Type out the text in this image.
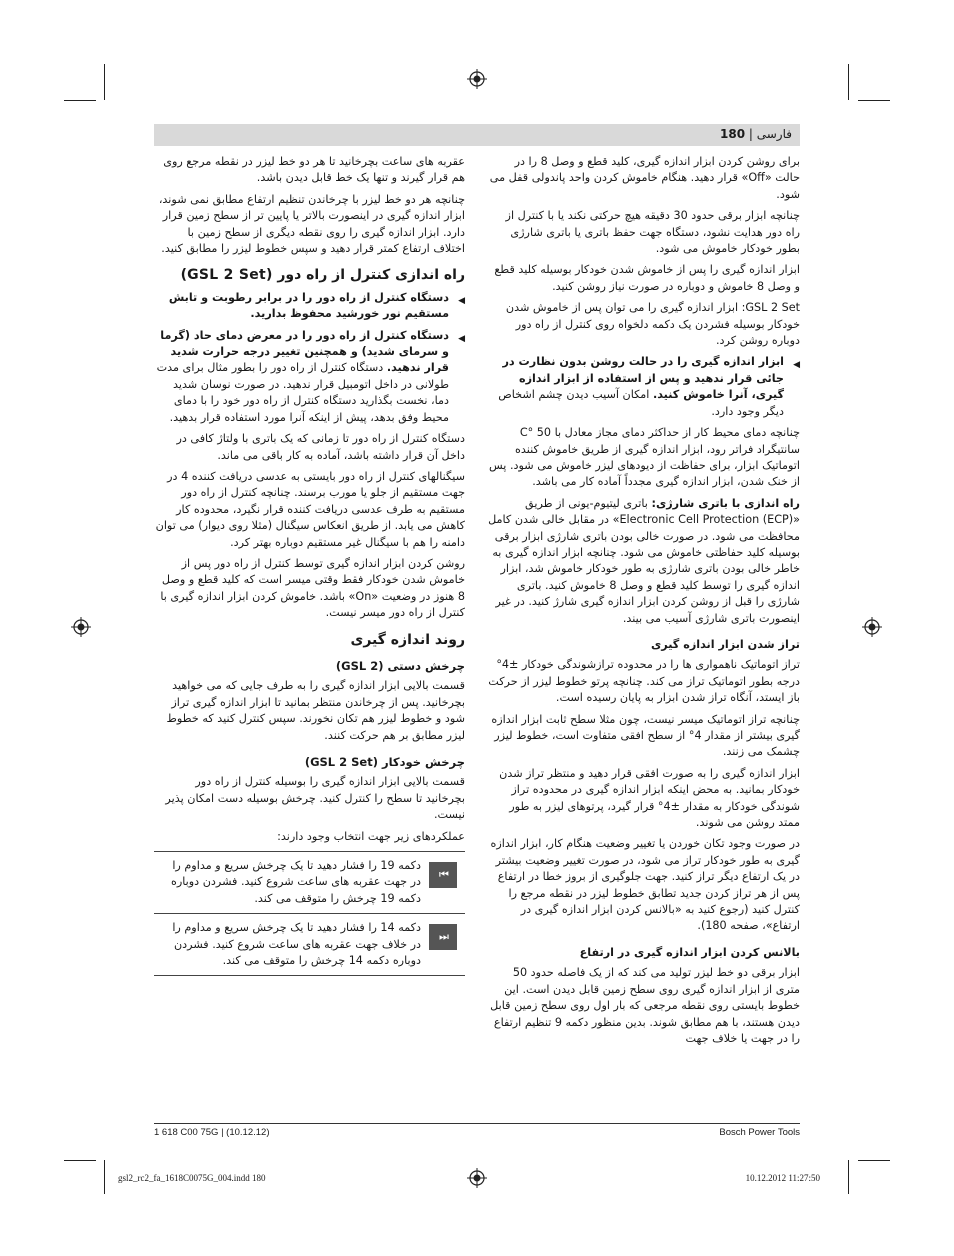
فارسی | 180

برای روشن کردن ابزار اندازه گیری، کلید قطع و وصل 8 را در حالت «Off» قرار دهید. هنگام خاموش کردن واحد پاندولی قفل می شود.

چنانچه ابزار برقی حدود 30 دقیقه هیچ حرکتی نکند یا با کنترل از راه دور هدایت نشود، دستگاه جهت حفظ باتری یا باتری شارژی بطور خودکار خاموش می شود.

ابزار اندازه گیری را پس از خاموش شدن خودکار بوسیله کلید قطع و وصل 8 خاموش و دوباره در صورت نیاز روشن کنید.

GSL 2 Set: ابزار اندازه گیری را می توان پس از خاموش شدن خودکار بوسیله فشردن یک دکمه دلخواه روی کنترل از راه دور دوباره روشن کرد.

◀
ابزار اندازه گیری را در حالت روشن بدون نظارت در جائی قرار ندهید و پس از استفاده از ابزار اندازه گیری، آنرا خاموش کنید. امکان آسیب دیدن چشم اشخاص دیگر وجود دارد.

چنانچه دمای محیط کار از حداکثر دمای مجاز معادل با 50 °C سانتیگراد فراتر رود، ابزار اندازه گیری از طریق خاموش کننده اتوماتیک ابزار، برای حفاظت از دیودهای لیزر خاموش می شود. پس از خنک شدن، ابزار اندازه گیری مجدداً آماده کار می باشد.

راه اندازی با باتری شارژی: باتری لیتیوم-یونی از طریق «Electronic Cell Protection (ECP)» در مقابل خالی شدن کامل محافظت می شود. در صورت خالی بودن باتری شارژی ابزار برقی بوسیله کلید حفاظتی خاموش می شود. چنانچه ابزار اندازه گیری به خاطر خالی بودن باتری شارژی به طور خودکار خاموش شد، ابزار اندازه گیری را توسط کلید قطع و وصل 8 خاموش کنید. باتری شارژی را قبل از روشن کردن ابزار اندازه گیری شارژ کنید. در غیر اینصورت باتری شارژی آسیب می بیند.

تراز شدن ابزار اندازه گیری

تراز اتوماتیک ناهمواری ها را در محدوده ترازشوندگی خودکار ±4° درجه بطور اتوماتیک تراز می کند. چنانچه پرتو خطوط لیزر از حرکت باز ایستد، آنگاه تراز شدن ابزار به پایان رسیده است.

چنانچه تراز اتوماتیک میسر نیست، چون مثلا سطح ثابت ابزار اندازه گیری بیشتر از مقدار 4° از سطح افقی متفاوت است، خطوط لیزر چشمک می زنند.

ابزار اندازه گیری را به صورت افقی قرار دهید و منتظر تراز شدن خودکار بمانید. به محض اینکه ابزار اندازه گیری در محدوده تراز شوندگی خودکار به مقدار ±4° قرار گیرد، پرتوهای لیزر به طور ممتد روشن می شوند.

در صورت وجود تکان خوردن یا تغییر وضعیت هنگام کار، ابزار اندازه گیری به طور خودکار تراز می شود، در صورت تغییر وضعیت بیشتر در یک ارتفاع دیگر تراز کنید. جهت جلوگیری از بروز خطا در ارتفاع پس از هر تراز کردن جدید تطابق خطوط لیزر در نقطه مرجع را کنترل کنید (رجوع کنید به «بالانس کردن ابزار اندازه گیری در ارتفاع»، صفحه 180).

بالانس کردن ابزار اندازه گیری در ارتفاع

ابزار برقی دو خط لیزر تولید می کند که از یک فاصله حدود 50 متری از ابزار اندازه گیری روی سطح زمین قابل دیدن است. این خطوط بایستی روی نقطه مرجعی که بار اول روی سطح زمین قابل دیدن هستند، با هم مطابق شوند. بدین منظور دکمه 9 تنظیم ارتفاع را در جهت یا خلاف جهت

عقربه های ساعت بچرخانید تا هر دو خط لیزر در نقطه مرجع روی هم قرار گیرند و تنها یک خط قابل دیدن باشد.

چنانچه هر دو خط لیزر با چرخاندن تنظیم ارتفاع مطابق نمی شوند، ابزار اندازه گیری در اینصورت بالاتر یا پایین تر از سطح زمین قرار دارد. ابزار اندازه گیری را روی نقطه دیگری از سطح زمین با اختلاف ارتفاع کمتر قرار دهید و سپس خطوط لیزر را مطابق کنید.

راه اندازی کنترل از راه دور (GSL 2 Set)
◀
دستگاه کنترل از راه دور را در برابر رطوبت و تابش مستقیم نور خورشید محفوظ بدارید.
◀
دستگاه کنترل از راه دور را در معرض دمای حاد (گرما و سرمای شدید) و همچنین تغییر درجه حرارت شدید قرار ندهید. دستگاه کنترل از راه دور را بطور مثال برای مدت طولانی در داخل اتومبیل قرار ندهید. در صورت نوسان شدید دما، نخست بگذارید دستگاه کنترل از راه دور خود را با دمای محیط وفق بدهد، پیش از اینکه آنرا مورد استفاده قرار بدهید.

دستگاه کنترل از راه دور تا زمانی که یک باتری با ولتاژ کافی در داخل آن قرار داشته باشد، آماده به کار باقی می ماند.

سیگنالهای کنترل از راه دور بایستی به عدسی دریافت کننده 4 در جهت مستقیم از جلو یا مورب برسند. چنانچه کنترل از راه دور مستقیم به طرف عدسی دریافت کننده قرار نگیرد، محدوده کار کاهش می یابد. از طریق انعکاس سیگنال (مثلا روی دیوار) می توان دامنه را هم با سیگنال غیر مستقیم دوباره بهتر کرد.

روشن کردن ابزار اندازه گیری توسط کنترل از راه دور پس از خاموش شدن خودکار فقط وقتی میسر است که کلید قطع و وصل 8 هنوز در وضعیت «On» باشد. خاموش کردن ابزار اندازه گیری با کنترل از راه دور میسر نیست.

روند اندازه گیری
چرخش دستی (GSL 2)

قسمت بالایی ابزار اندازه گیری را به طرف جایی که می خواهید بچرخانید. پس از چرخاندن منتظر بمانید تا ابزار اندازه گیری تراز شود و خطوط لیزر هم تکان نخورند. سپس کنترل کنید که خطوط لیزر مطابق بر هم حرکت کنند.

چرخش خودکار (GSL 2 Set)

قسمت بالایی ابزار اندازه گیری را بوسیله کنترل از راه دور بچرخانید تا سطح را کنترل کنید. چرخش بوسیله دست امکان پذیر نیست.

عملکردهای زیر جهت انتخاب وجود دارند:

⏮
دکمه 19 را فشار دهید تا یک چرخش سریع و مداوم را در جهت عقربه های ساعت شروع کنید. فشردن دوباره دکمه 19 چرخش را متوقف می کند.
⏭
دکمه 14 را فشار دهید تا یک چرخش سریع و مداوم را در خلاف جهت عقربه های ساعت شروع کنید. فشردن دوباره دکمه 14 چرخش را متوقف می کند.
1 618 C00 75G | (10.12.12)	Bosch Power Tools
gsl2_rc2_fa_1618C0075G_004.indd 180	10.12.2012 11:27:50
